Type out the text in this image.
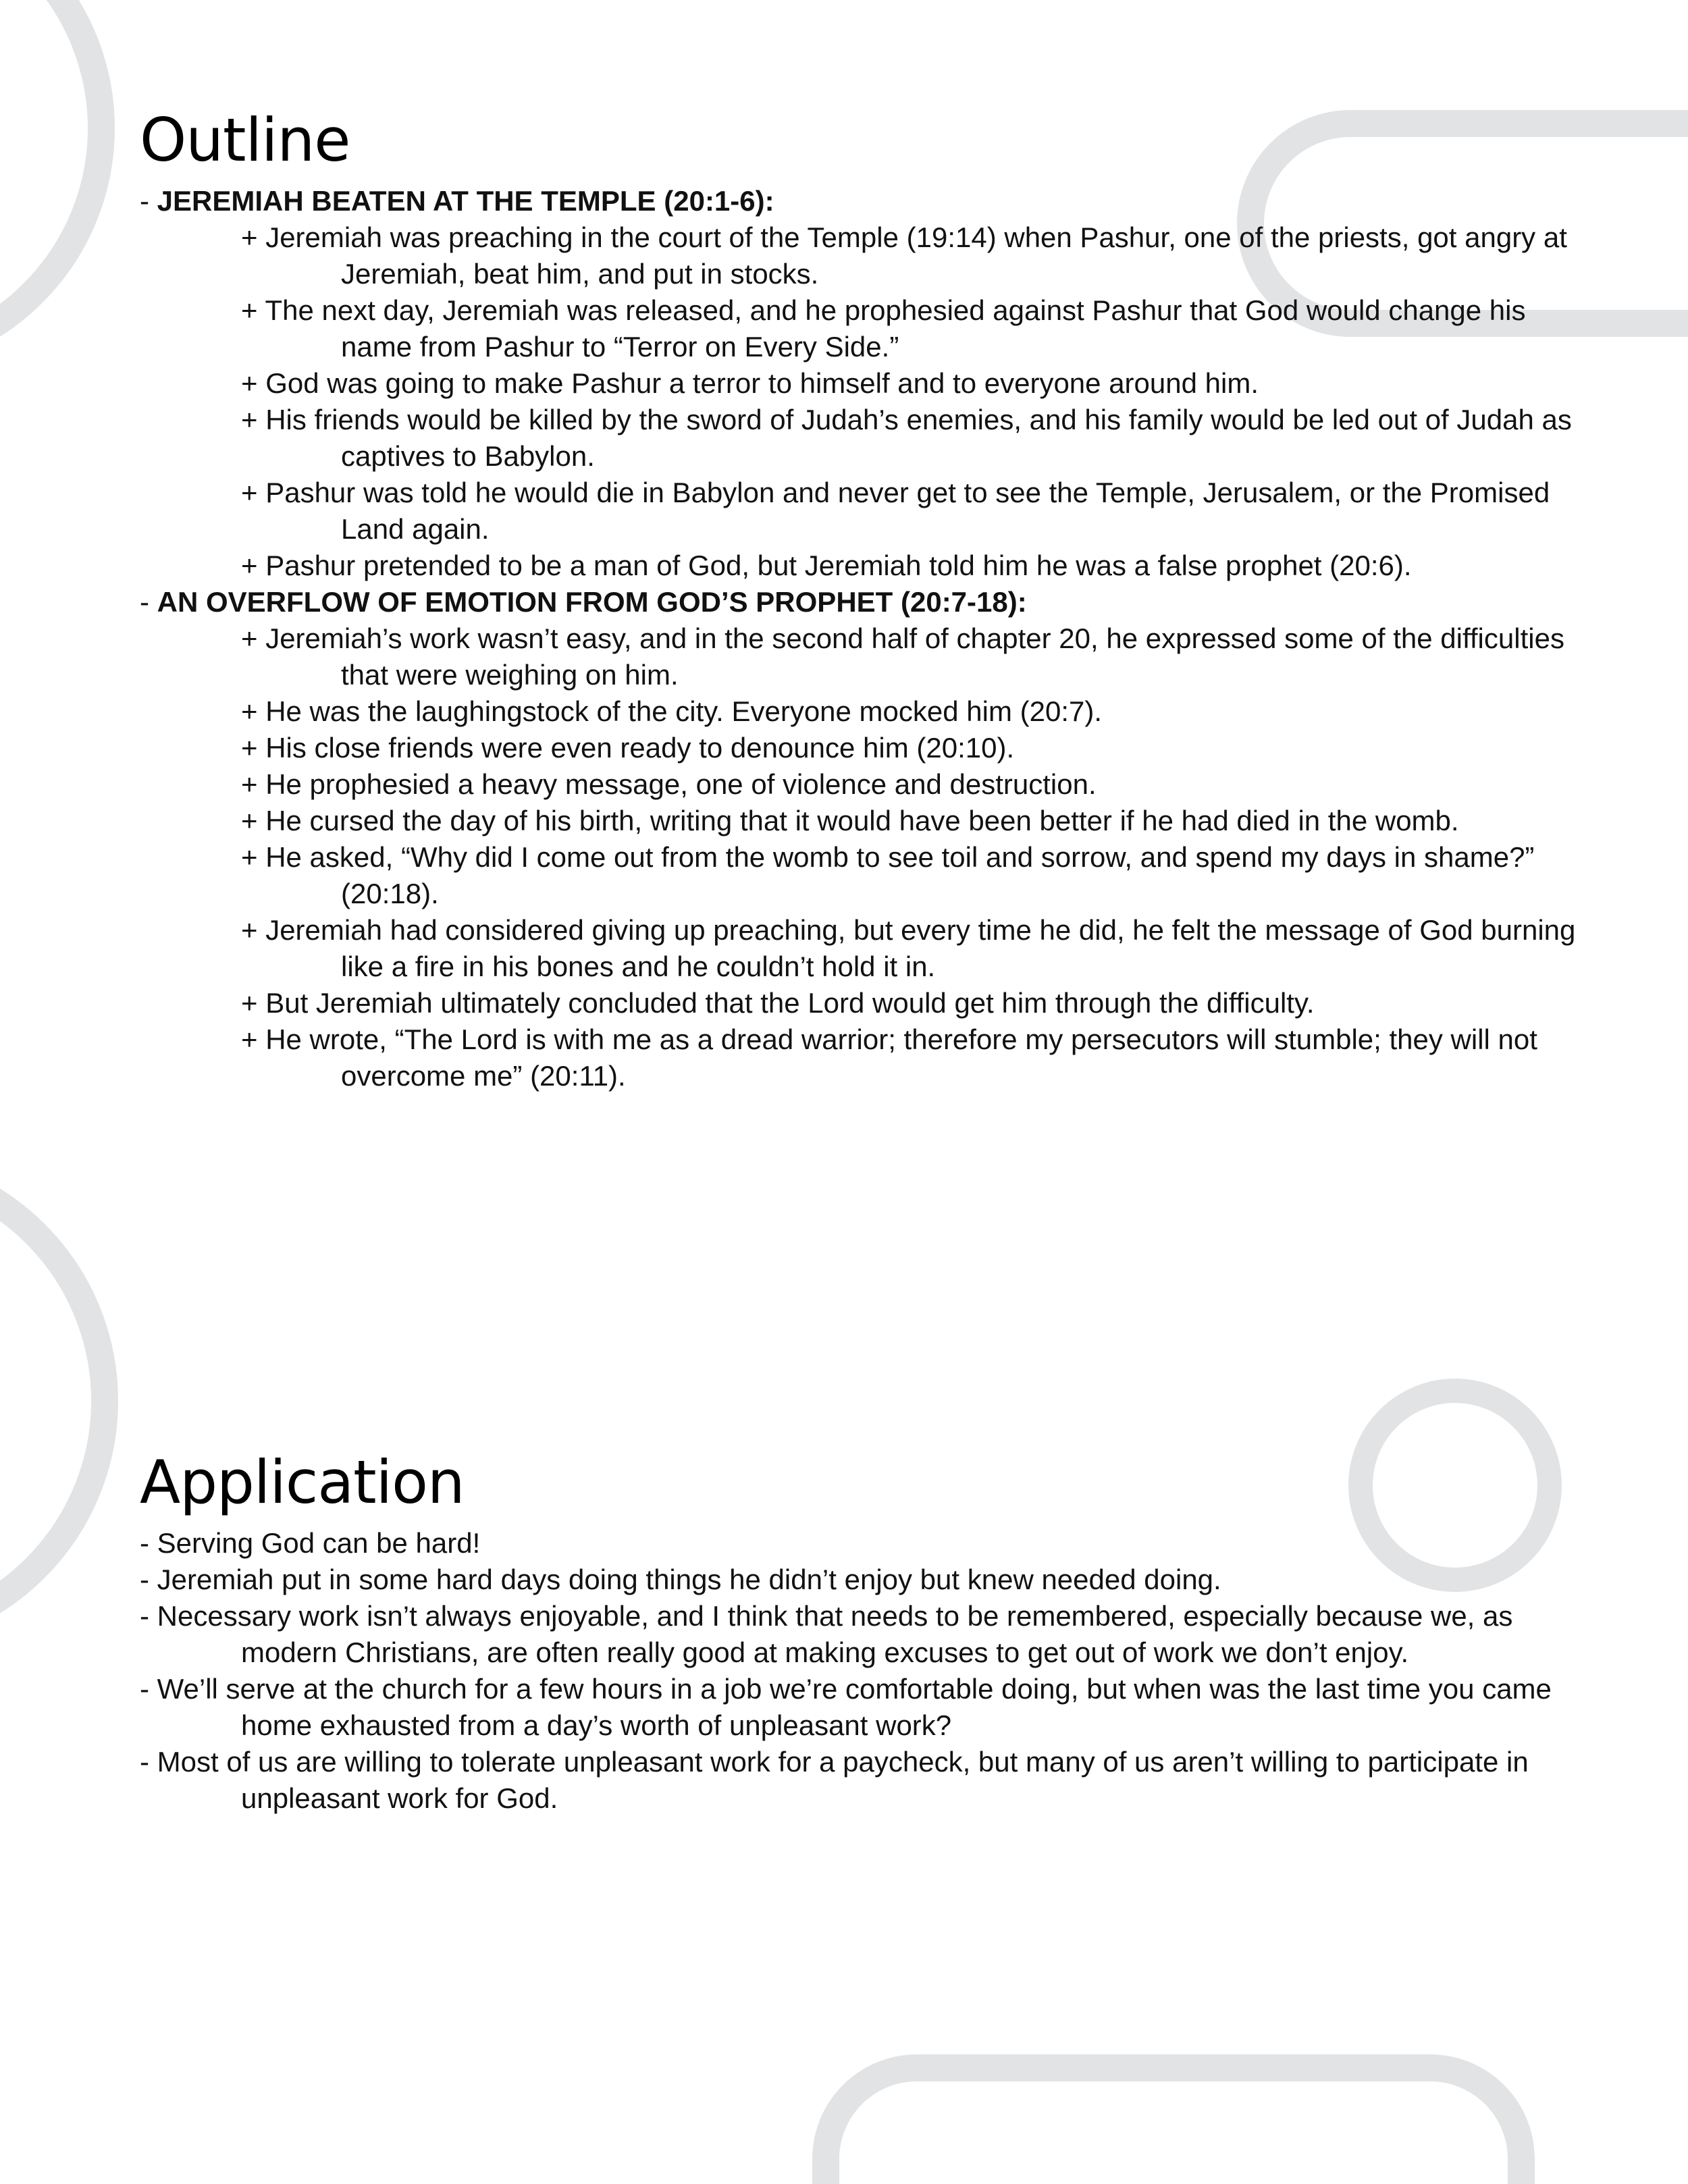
Outline
- JEREMIAH BEATEN AT THE TEMPLE (20:1-6):
+ Jeremiah was preaching in the court of the Temple (19:14) when Pashur, one of the priests, got angry at Jeremiah, beat him, and put in stocks.
+ The next day, Jeremiah was released, and he prophesied against Pashur that God would change his name from Pashur to “Terror on Every Side.”
+ God was going to make Pashur a terror to himself and to everyone around him.
+ His friends would be killed by the sword of Judah’s enemies, and his family would be led out of Judah as captives to Babylon.
+ Pashur was told he would die in Babylon and never get to see the Temple, Jerusalem, or the Promised Land again.
+ Pashur pretended to be a man of God, but Jeremiah told him he was a false prophet (20:6).
- AN OVERFLOW OF EMOTION FROM GOD’S PROPHET (20:7-18):
+ Jeremiah’s work wasn’t easy, and in the second half of chapter 20, he expressed some of the difficulties that were weighing on him.
+ He was the laughingstock of the city. Everyone mocked him (20:7).
+ His close friends were even ready to denounce him (20:10).
+ He prophesied a heavy message, one of violence and destruction.
+ He cursed the day of his birth, writing that it would have been better if he had died in the womb.
+ He asked, “Why did I come out from the womb to see toil and sorrow, and spend my days in shame?” (20:18).
+ Jeremiah had considered giving up preaching, but every time he did, he felt the message of God burning like a fire in his bones and he couldn’t hold it in.
+ But Jeremiah ultimately concluded that the Lord would get him through the difficulty.
+ He wrote, “The Lord is with me as a dread warrior; therefore my persecutors will stumble; they will not overcome me” (20:11).
Application
- Serving God can be hard!
- Jeremiah put in some hard days doing things he didn’t enjoy but knew needed doing.
- Necessary work isn’t always enjoyable, and I think that needs to be remembered, especially because we, as modern Christians, are often really good at making excuses to get out of work we don’t enjoy.
- We’ll serve at the church for a few hours in a job we’re comfortable doing, but when was the last time you came home exhausted from a day’s worth of unpleasant work?
- Most of us are willing to tolerate unpleasant work for a paycheck, but many of us aren’t willing to participate in unpleasant work for God.
